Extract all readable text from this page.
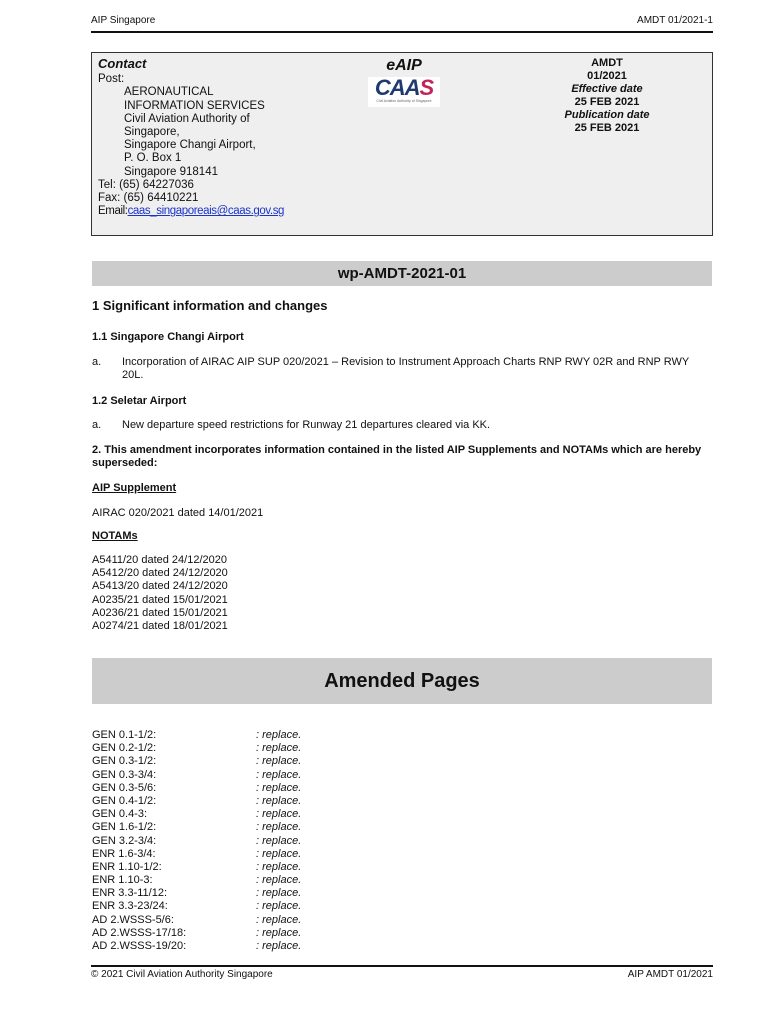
AIP Singapore	AMDT 01/2021-1
Contact
Post:
AERONAUTICAL
INFORMATION SERVICES
Civil Aviation Authority of
Singapore,
Singapore Changi Airport,
P. O. Box 1
Singapore 918141
Tel: (65) 64227036
Fax: (65) 64410221
Email:caas_singaporeais@caas.gov.sg
eAIP
CAAS
Civil Aviation Authority of Singapore
AMDT
01/2021
Effective date
25 FEB 2021
Publication date
25 FEB 2021
wp-AMDT-2021-01
1 Significant information and changes
1.1 Singapore Changi Airport
a. Incorporation of AIRAC AIP SUP 020/2021 – Revision to Instrument Approach Charts RNP RWY 02R and RNP RWY 20L.
1.2 Seletar Airport
a. New departure speed restrictions for Runway 21 departures cleared via KK.
2. This amendment incorporates information contained in the listed AIP Supplements and NOTAMs which are hereby superseded:
AIP Supplement
AIRAC 020/2021 dated 14/01/2021
NOTAMs
A5411/20 dated 24/12/2020
A5412/20 dated 24/12/2020
A5413/20 dated 24/12/2020
A0235/21 dated 15/01/2021
A0236/21 dated 15/01/2021
A0274/21 dated 18/01/2021
Amended Pages
GEN 0.1-1/2:	: replace.
GEN 0.2-1/2:	: replace.
GEN 0.3-1/2:	: replace.
GEN 0.3-3/4:	: replace.
GEN 0.3-5/6:	: replace.
GEN 0.4-1/2:	: replace.
GEN 0.4-3:	: replace.
GEN 1.6-1/2:	: replace.
GEN 3.2-3/4:	: replace.
ENR 1.6-3/4:	: replace.
ENR 1.10-1/2:	: replace.
ENR 1.10-3:	: replace.
ENR 3.3-11/12:	: replace.
ENR 3.3-23/24:	: replace.
AD 2.WSSS-5/6:	: replace.
AD 2.WSSS-17/18:	: replace.
AD 2.WSSS-19/20:	: replace.
© 2021 Civil Aviation Authority Singapore	AIP AMDT 01/2021
